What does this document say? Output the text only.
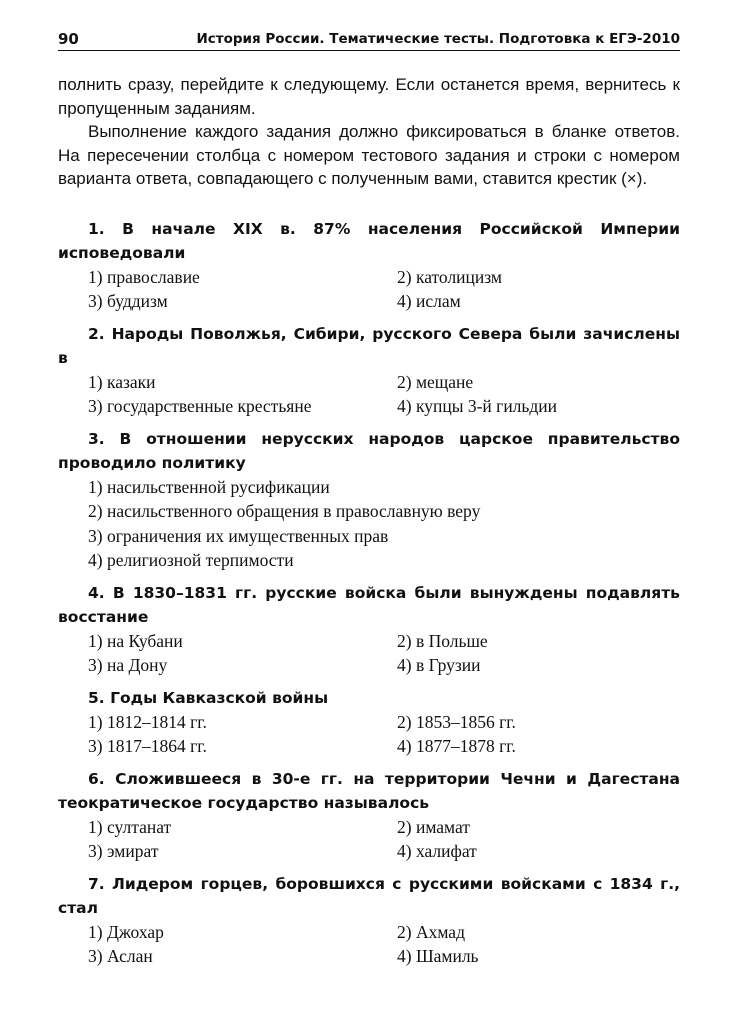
90	История России. Тематические тесты. Подготовка к ЕГЭ-2010

полнить сразу, перейдите к следующему. Если останется время, вернитесь к пропущенным заданиям.

Выполнение каждого задания должно фиксироваться в бланке ответов. На пересечении столбца с номером тестового задания и строки с номером варианта ответа, совпадающего с полученным вами, ставится крестик (×).

1. В начале XIX в. 87% населения Российской Империи исповедовали

1) православие	2) католицизм
3) буддизм	4) ислам

2. Народы Поволжья, Сибири, русского Севера были зачислены в

1) казаки	2) мещане
3) государственные крестьяне	4) купцы 3-й гильдии

3. В отношении нерусских народов царское правительство проводило политику

1) насильственной русификации
2) насильственного обращения в православную веру
3) ограничения их имущественных прав
4) религиозной терпимости

4. В 1830–1831 гг. русские войска были вынуждены подавлять восстание

1) на Кубани	2) в Польше
3) на Дону	4) в Грузии

5. Годы Кавказской войны

1) 1812–1814 гг.	2) 1853–1856 гг.
3) 1817–1864 гг.	4) 1877–1878 гг.

6. Сложившееся в 30-е гг. на территории Чечни и Дагестана теократическое государство называлось

1) султанат	2) имамат
3) эмират	4) халифат

7. Лидером горцев, боровшихся с русскими войсками с 1834 г., стал

1) Джохар	2) Ахмад
3) Аслан	4) Шамиль
